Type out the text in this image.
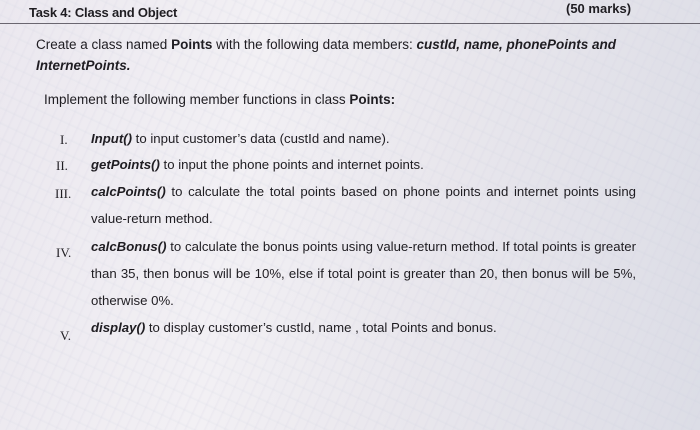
Task 4: Class and Object	(50 marks)
Create a class named Points with the following data members: custId, name, phonePoints and InternetPoints.
Implement the following member functions in class Points:
I. Input() to input customer’s data (custId and name).
II. getPoints() to input the phone points and internet points.
III. calcPoints() to calculate the total points based on phone points and internet points using value-return method.
IV. calcBonus() to calculate the bonus points using value-return method. If total points is greater than 35, then bonus will be 10%, else if total point is greater than 20, then bonus will be 5%, otherwise 0%.
V.
display() to display customer’s custId, name , total Points and bonus.
